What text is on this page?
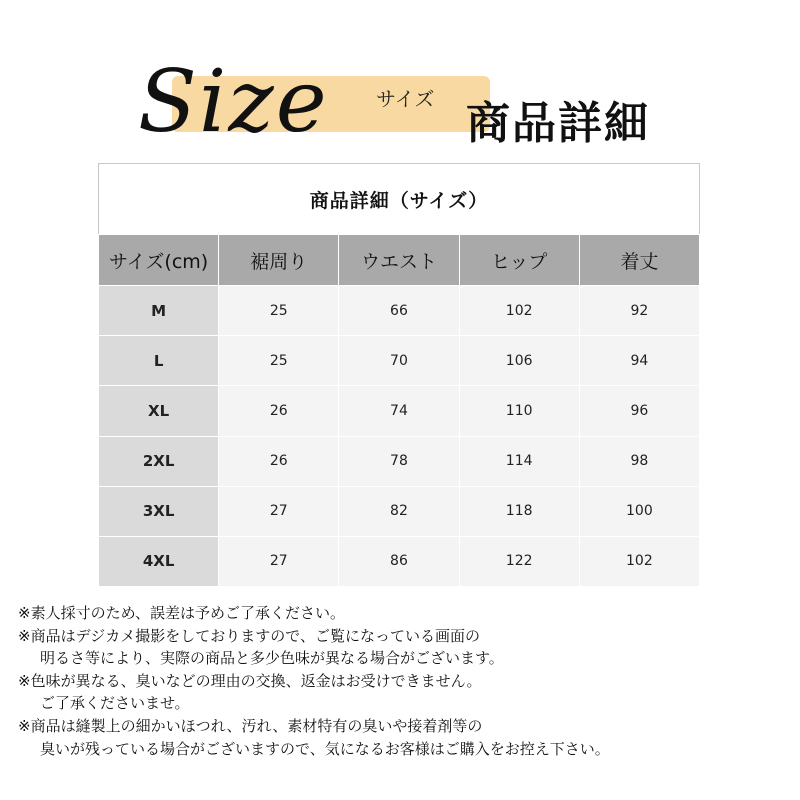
Size サイズ 商品詳細
商品詳細（サイズ）				
サイズ(cm)	裾周り	ウエスト	ヒップ	着丈
M	25	66	102	92
L	25	70	106	94
XL	26	74	110	96
2XL	26	78	114	98
3XL	27	82	118	100
4XL	27	86	122	102
※素人採寸のため、誤差は予めご了承ください。
※商品はデジカメ撮影をしておりますので、ご覧になっている画面の
明るさ等により、実際の商品と多少色味が異なる場合がございます。
※色味が異なる、臭いなどの理由の交換、返金はお受けできません。
ご了承くださいませ。
※商品は縫製上の細かいほつれ、汚れ、素材特有の臭いや接着剤等の
臭いが残っている場合がございますので、気になるお客様はご購入をお控え下さい。
